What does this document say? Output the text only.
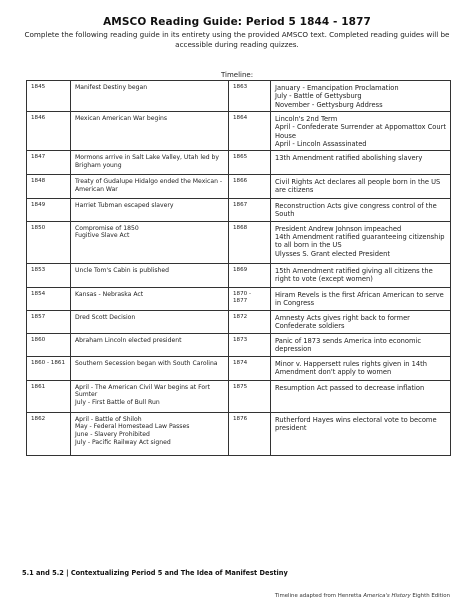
AMSCO Reading Guide: Period 5 1844 - 1877
Complete the following reading guide in its entirety using the provided AMSCO text. Completed reading guides will be accessible during reading quizzes.
Timeline:
1845	Manifest Destiny began	1863	January - Emancipation Proclamation
July - Battle of Gettysburg
November - Gettysburg Address
1846	Mexican American War begins	1864	Lincoln's 2nd Term
April - Confederate Surrender at Appomattox Court House
April - Lincoln Assassinated
1847	Mormons arrive in Salt Lake Valley, Utah led by Brigham young	1865	13th Amendment ratified abolishing slavery
1848	Treaty of Gudalupe Hidalgo ended the Mexican - American War	1866	Civil Rights Act declares all people born in the US are citizens
1849	Harriet Tubman escaped slavery	1867	Reconstruction Acts give congress control of the South
1850	Compromise of 1850
Fugitive Slave Act	1868	President Andrew Johnson impeached
14th Amendment ratified guaranteeing citizenship to all born in the US
Ulysses S. Grant elected President
1853	Uncle Tom's Cabin is published	1869	15th Amendment ratified giving all citizens the right to vote (except women)
1854	Kansas - Nebraska Act	1870 - 1877	Hiram Revels is the first African American to serve in Congress
1857	Dred Scott Decision	1872	Amnesty Acts gives right back to former Confederate soldiers
1860	Abraham Lincoln elected president	1873	Panic of 1873 sends America into economic depression
1860 - 1861	Southern Secession began with South Carolina	1874	Minor v. Happersett rules rights given in 14th Amendment don't apply to women
1861	April - The American Civil War begins at Fort Sumter
July - First Battle of Bull Run	1875	Resumption Act passed to decrease inflation
1862	April - Battle of Shiloh
May - Federal Homestead Law Passes
June - Slavery Prohibited
July - Pacific Railway Act signed	1876	Rutherford Hayes wins electoral vote to become president
5.1 and 5.2 | Contextualizing Period 5 and The Idea of Manifest Destiny
Timeline adapted from Henretta America's History Eighth Edition
